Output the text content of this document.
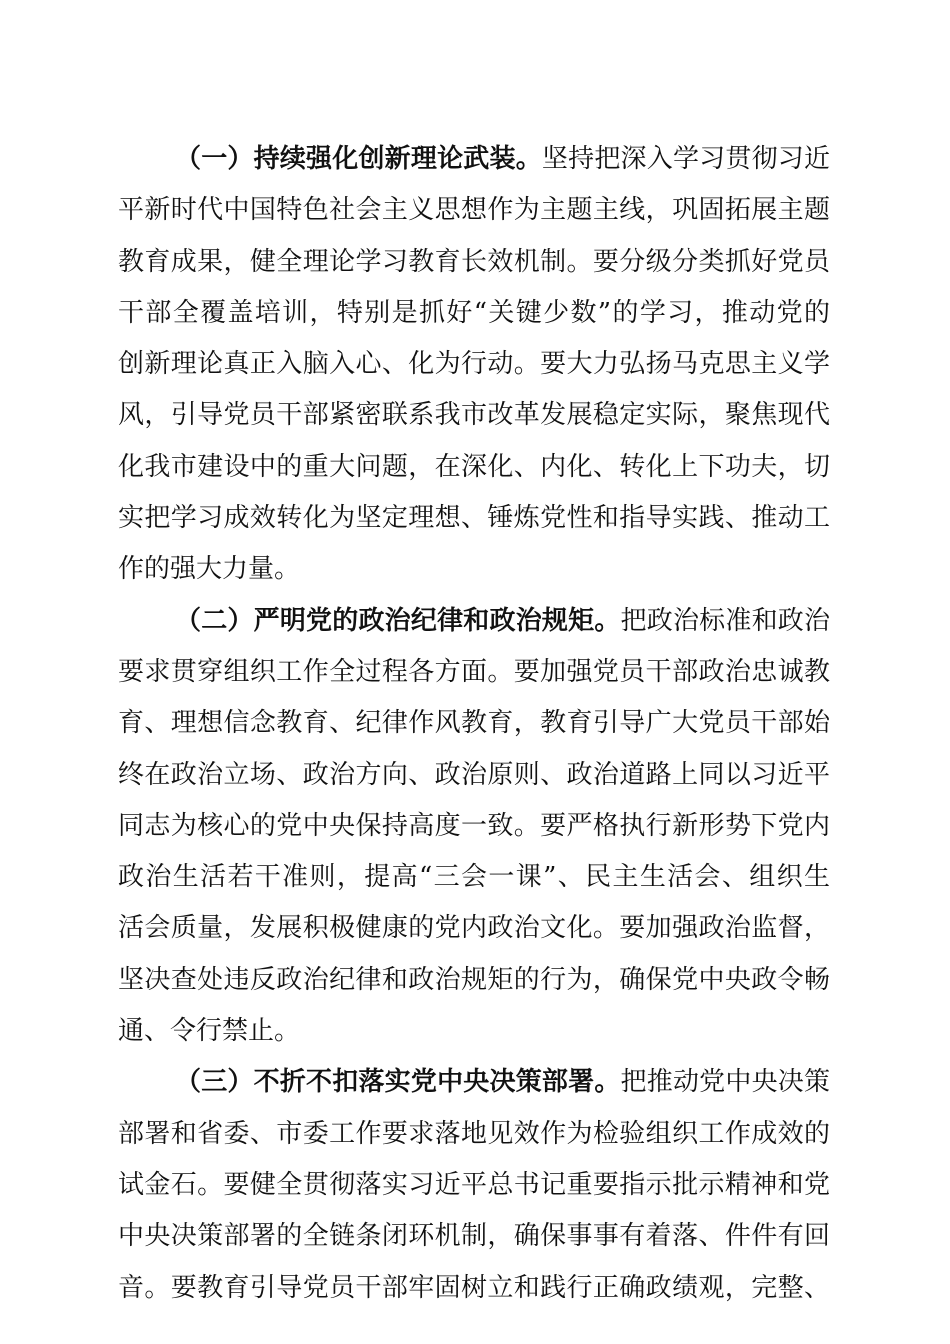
（一）持续强化创新理论武装。坚持把深入学习贯彻习近
平新时代中国特色社会主义思想作为主题主线，巩固拓展主题
教育成果，健全理论学习教育长效机制。要分级分类抓好党员
干部全覆盖培训，特别是抓好“关键少数”的学习，推动党的
创新理论真正入脑入心、化为行动。要大力弘扬马克思主义学
风，引导党员干部紧密联系我市改革发展稳定实际，聚焦现代
化我市建设中的重大问题，在深化、内化、转化上下功夫，切
实把学习成效转化为坚定理想、锤炼党性和指导实践、推动工
作的强大力量。
（二）严明党的政治纪律和政治规矩。把政治标准和政治
要求贯穿组织工作全过程各方面。要加强党员干部政治忠诚教
育、理想信念教育、纪律作风教育，教育引导广大党员干部始
终在政治立场、政治方向、政治原则、政治道路上同以习近平
同志为核心的党中央保持高度一致。要严格执行新形势下党内
政治生活若干准则，提高“三会一课”、民主生活会、组织生
活会质量，发展积极健康的党内政治文化。要加强政治监督，
坚决查处违反政治纪律和政治规矩的行为，确保党中央政令畅
通、令行禁止。
（三）不折不扣落实党中央决策部署。把推动党中央决策
部署和省委、市委工作要求落地见效作为检验组织工作成效的
试金石。要健全贯彻落实习近平总书记重要指示批示精神和党
中央决策部署的全链条闭环机制，确保事事有着落、件件有回
音。要教育引导党员干部牢固树立和践行正确政绩观，完整、
